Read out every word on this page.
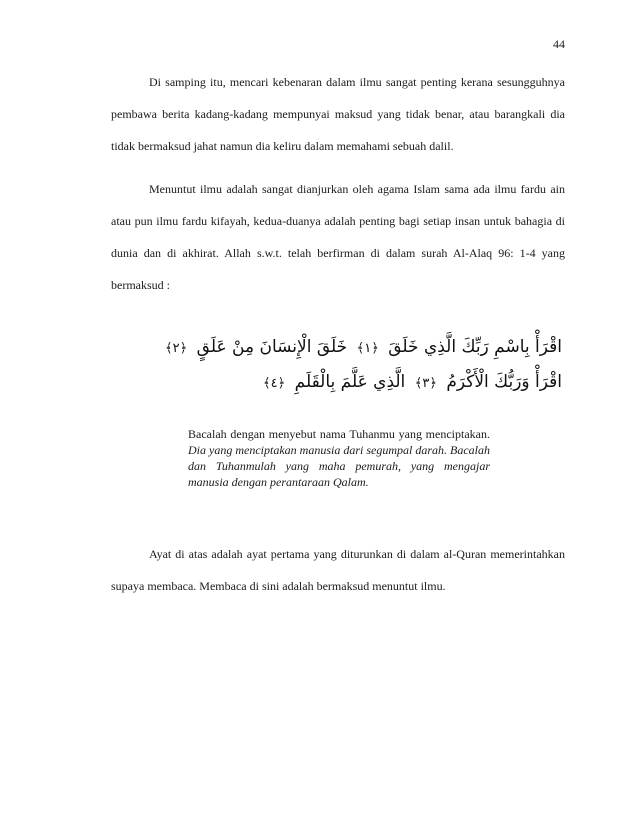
44

Di samping itu, mencari kebenaran dalam ilmu sangat penting kerana sesungguhnya pembawa berita kadang-kadang mempunyai maksud yang tidak benar, atau barangkali dia tidak bermaksud jahat namun dia keliru dalam memahami sebuah dalil.

Menuntut ilmu adalah sangat dianjurkan oleh agama Islam sama ada ilmu fardu ain atau pun ilmu fardu kifayah, kedua-duanya adalah penting bagi setiap insan untuk bahagia di dunia dan di akhirat. Allah s.w.t. telah berfirman di dalam surah Al-Alaq 96: 1-4 yang bermaksud :

اقْرَأْ بِاسْمِ رَبِّكَ الَّذِي خَلَقَ ﴿١﴾ خَلَقَ الْإِنسَانَ مِنْ عَلَقٍ ﴿٢﴾
اقْرَأْ وَرَبُّكَ الْأَكْرَمُ ﴿٣﴾ الَّذِي عَلَّمَ بِالْقَلَمِ ﴿٤﴾

Bacalah dengan menyebut nama Tuhanmu yang menciptakan. Dia yang menciptakan manusia dari segumpal darah. Bacalah dan Tuhanmulah yang maha pemurah, yang mengajar manusia dengan perantaraan Qalam.

Ayat di atas adalah ayat pertama yang diturunkan di dalam al-Quran memerintahkan supaya membaca. Membaca di sini adalah bermaksud menuntut ilmu.
